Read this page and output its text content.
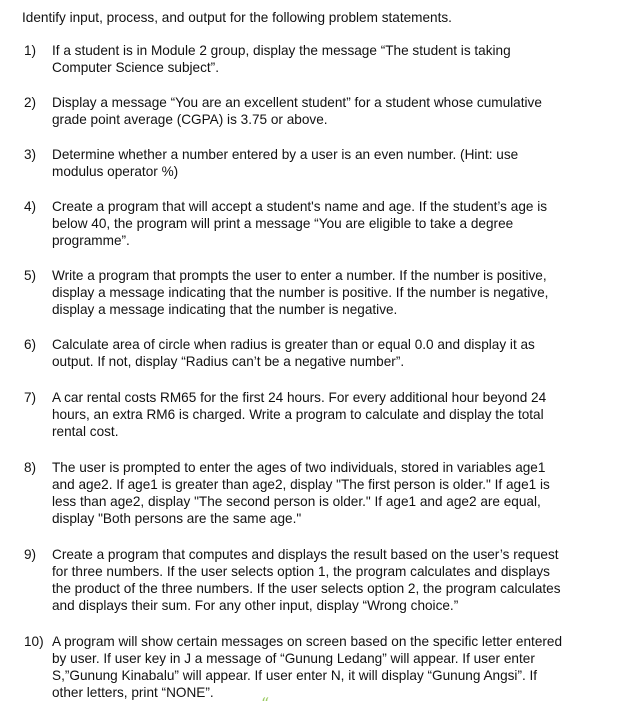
Identify input, process, and output for the following problem statements.
1) If a student is in Module 2 group, display the message “The student is taking
Computer Science subject”.
2) Display a message “You are an excellent student” for a student whose cumulative
grade point average (CGPA) is 3.75 or above.
3) Determine whether a number entered by a user is an even number. (Hint: use
modulus operator %)
4) Create a program that will accept a student's name and age. If the student’s age is
below 40, the program will print a message “You are eligible to take a degree
programme”.
5) Write a program that prompts the user to enter a number. If the number is positive,
display a message indicating that the number is positive. If the number is negative,
display a message indicating that the number is negative.
6) Calculate area of circle when radius is greater than or equal 0.0 and display it as
output. If not, display “Radius can’t be a negative number”.
7) A car rental costs RM65 for the first 24 hours. For every additional hour beyond 24
hours, an extra RM6 is charged. Write a program to calculate and display the total
rental cost.
8) The user is prompted to enter the ages of two individuals, stored in variables age1
and age2. If age1 is greater than age2, display "The first person is older." If age1 is
less than age2, display "The second person is older." If age1 and age2 are equal,
display "Both persons are the same age."
9) Create a program that computes and displays the result based on the user’s request
for three numbers. If the user selects option 1, the program calculates and displays
the product of the three numbers. If the user selects option 2, the program calculates
and displays their sum. For any other input, display “Wrong choice.”
10) A program will show certain messages on screen based on the specific letter entered
by user. If user key in J a message of “Gunung Ledang” will appear. If user enter
S,”Gunung Kinabalu” will appear. If user enter N, it will display “Gunung Angsi”. If
other letters, print “NONE”.
“
